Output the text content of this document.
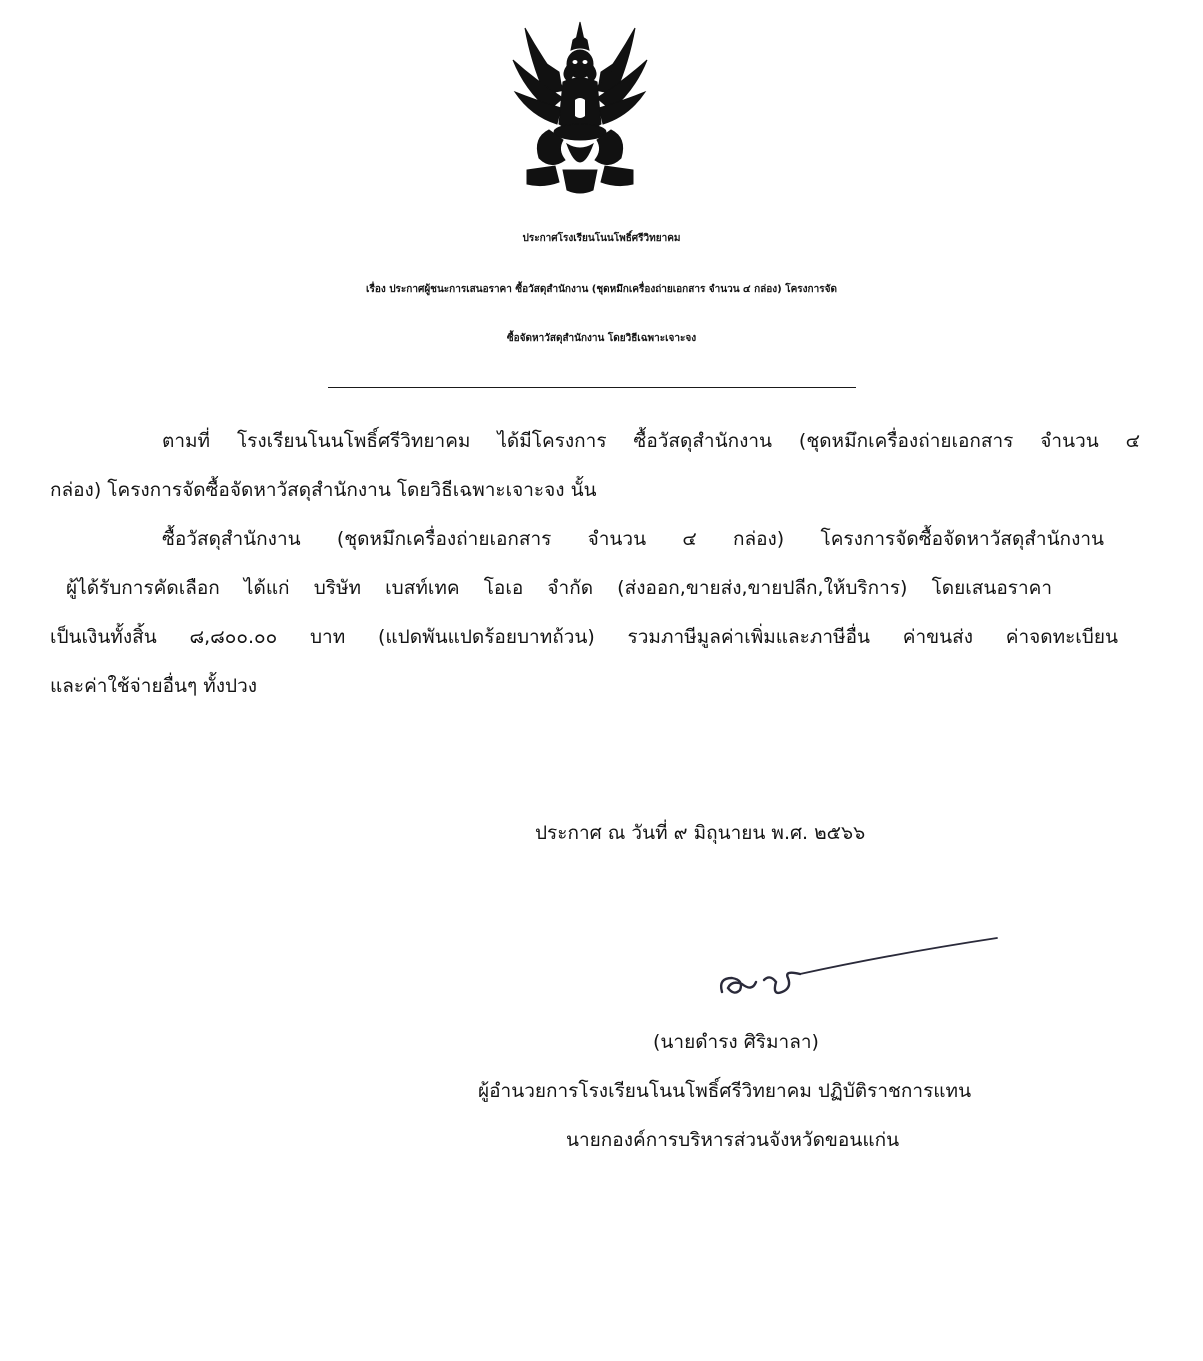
ประกาศโรงเรียนโนนโพธิ์ศรีวิทยาคม
เรื่อง ประกาศผู้ชนะการเสนอราคา ซื้อวัสดุสำนักงาน (ชุดหมึกเครื่องถ่ายเอกสาร จำนวน ๔ กล่อง) โครงการจัด
ซื้อจัดหาวัสดุสำนักงาน โดยวิธีเฉพาะเจาะจง
ตามที่ โรงเรียนโนนโพธิ์ศรีวิทยาคม ได้มีโครงการ ซื้อวัสดุสำนักงาน (ชุดหมึกเครื่องถ่ายเอกสาร จำนวน ๔
กล่อง) โครงการจัดซื้อจัดหาวัสดุสำนักงาน โดยวิธีเฉพาะเจาะจง นั้น
ซื้อวัสดุสำนักงาน (ชุดหมึกเครื่องถ่ายเอกสาร จำนวน ๔ กล่อง) โครงการจัดซื้อจัดหาวัสดุสำนักงาน
ผู้ได้รับการคัดเลือก ได้แก่ บริษัท เบสท์เทค โอเอ จำกัด (ส่งออก,ขายส่ง,ขายปลีก,ให้บริการ) โดยเสนอราคา
เป็นเงินทั้งสิ้น ๘,๘๐๐.๐๐ บาท (แปดพันแปดร้อยบาทถ้วน) รวมภาษีมูลค่าเพิ่มและภาษีอื่น ค่าขนส่ง ค่าจดทะเบียน
และค่าใช้จ่ายอื่นๆ ทั้งปวง
ประกาศ ณ วันที่ ๙ มิถุนายน พ.ศ. ๒๕๖๖
(นายดำรง ศิริมาลา)
ผู้อำนวยการโรงเรียนโนนโพธิ์ศรีวิทยาคม ปฏิบัติราชการแทน
นายกองค์การบริหารส่วนจังหวัดขอนแก่น
